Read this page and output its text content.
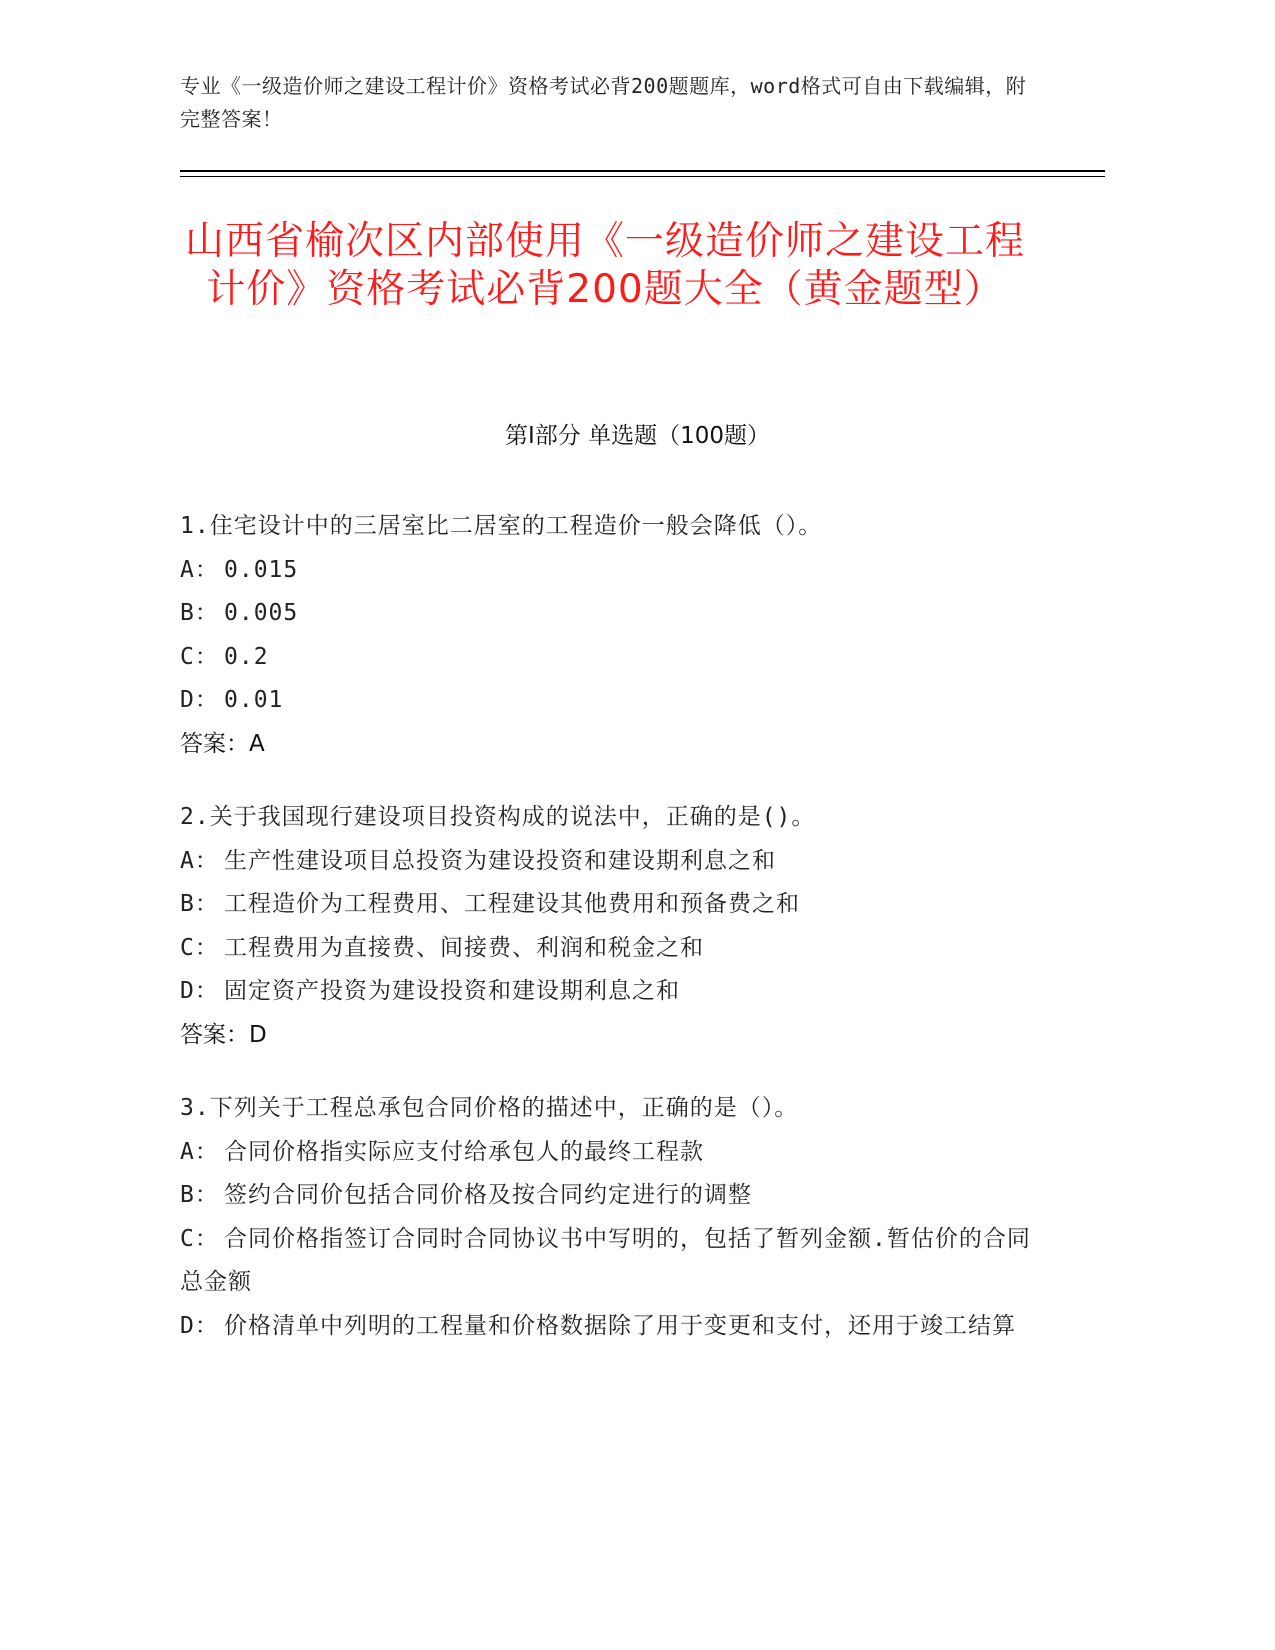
专业《一级造价师之建设工程计价》资格考试必背200题题库，word格式可自由下载编辑，附完整答案！
山西省榆次区内部使用《一级造价师之建设工程计价》资格考试必背200题大全（黄金题型）
第Ⅰ部分 单选题（100题）
1.住宅设计中的三居室比二居室的工程造价一般会降低（）。
A： 0.015
B： 0.005
C： 0.2
D： 0.01
答案：A
2.关于我国现行建设项目投资构成的说法中，正确的是()。
A： 生产性建设项目总投资为建设投资和建设期利息之和
B： 工程造价为工程费用、工程建设其他费用和预备费之和
C： 工程费用为直接费、间接费、利润和税金之和
D： 固定资产投资为建设投资和建设期利息之和
答案：D
3.下列关于工程总承包合同价格的描述中，正确的是（）。
A： 合同价格指实际应支付给承包人的最终工程款
B： 签约合同价包括合同价格及按合同约定进行的调整
C： 合同价格指签订合同时合同协议书中写明的，包括了暂列金额.暂估价的合同总金额
D： 价格清单中列明的工程量和价格数据除了用于变更和支付，还用于竣工结算
